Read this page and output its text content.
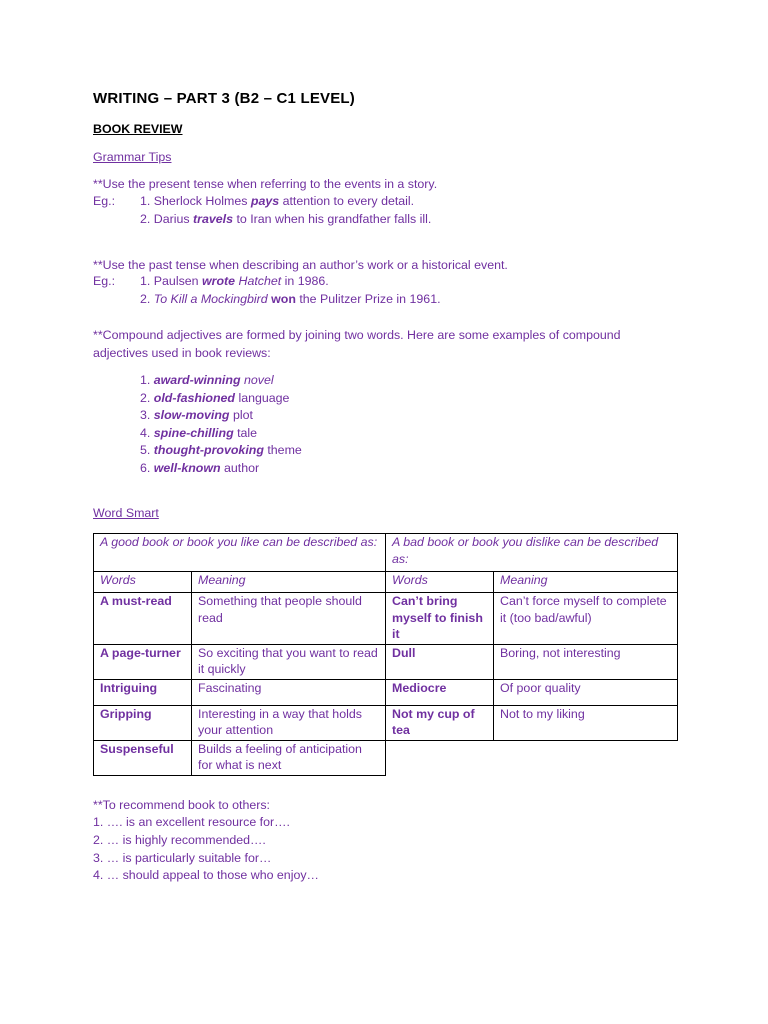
WRITING – PART 3 (B2 – C1 LEVEL)
BOOK REVIEW
Grammar Tips
**Use the present tense when referring to the events in a story.
Eg.: 1. Sherlock Holmes pays attention to every detail.
2. Darius travels to Iran when his grandfather falls ill.
**Use the past tense when describing an author’s work or a historical event.
Eg.: 1. Paulsen wrote Hatchet in 1986.
2. To Kill a Mockingbird won the Pulitzer Prize in 1961.
**Compound adjectives are formed by joining two words. Here are some examples of compound
adjectives used in book reviews:
1. award-winning novel
2. old-fashioned language
3. slow-moving plot
4. spine-chilling tale
5. thought-provoking theme
6. well-known author
Word Smart
A good book or book you like can be described as:		A bad book or book you dislike can be described as:	
Words	Meaning	Words	Meaning
A must-read	Something that people should read	Can’t bring myself to finish it	Can’t force myself to complete it (too bad/awful)
A page-turner	So exciting that you want to read it quickly	Dull	Boring, not interesting
Intriguing	Fascinating	Mediocre	Of poor quality
Gripping	Interesting in a way that holds your attention	Not my cup of tea	Not to my liking
Suspenseful	Builds a feeling of anticipation for what is next		
**To recommend book to others:
1. …. is an excellent resource for….
2. … is highly recommended….
3. … is particularly suitable for…
4. … should appeal to those who enjoy…
